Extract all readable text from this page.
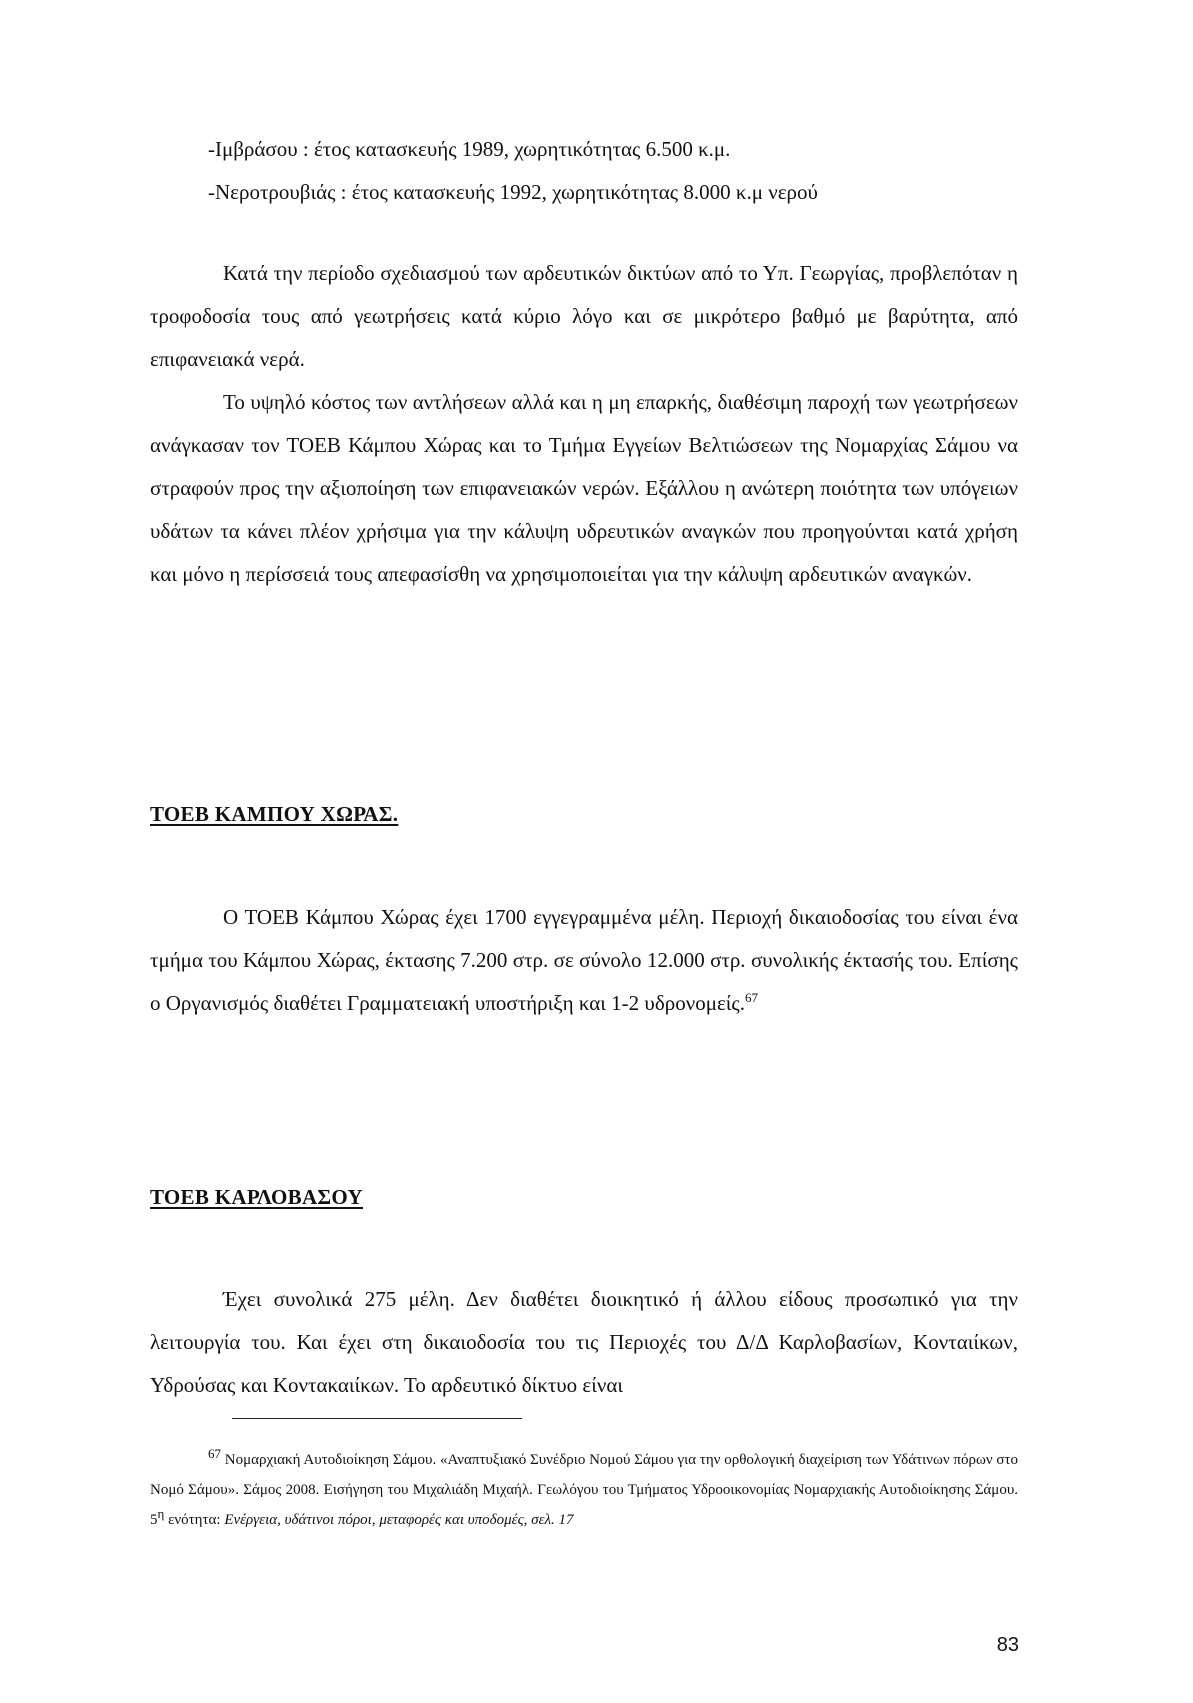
-Ιμβράσου : έτος κατασκευής 1989, χωρητικότητας 6.500 κ.μ.

-Νεροτρουβιάς : έτος κατασκευής 1992, χωρητικότητας 8.000 κ.μ νερού

Κατά την περίοδο σχεδιασμού των αρδευτικών δικτύων από το Υπ. Γεωργίας, προβλεπόταν η τροφοδοσία τους από γεωτρήσεις κατά κύριο λόγο και σε μικρότερο βαθμό με βαρύτητα, από επιφανειακά νερά.

Το υψηλό κόστος των αντλήσεων αλλά και η μη επαρκής, διαθέσιμη παροχή των γεωτρήσεων ανάγκασαν τον ΤΟΕΒ Κάμπου Χώρας και το Τμήμα Εγγείων Βελτιώσεων της Νομαρχίας Σάμου να στραφούν προς την αξιοποίηση των επιφανειακών νερών. Εξάλλου η ανώτερη ποιότητα των υπόγειων υδάτων τα κάνει πλέον χρήσιμα για την κάλυψη υδρευτικών αναγκών που προηγούνται κατά χρήση και μόνο η περίσσειά τους απεφασίσθη να χρησιμοποιείται για την κάλυψη αρδευτικών αναγκών.

ΤΟΕΒ ΚΑΜΠΟΥ ΧΩΡΑΣ.

Ο ΤΟΕΒ Κάμπου Χώρας έχει 1700 εγγεγραμμένα μέλη. Περιοχή δικαιοδοσίας του είναι ένα τμήμα του Κάμπου Χώρας, έκτασης 7.200 στρ. σε σύνολο 12.000 στρ. συνολικής έκτασής του. Επίσης ο Οργανισμός διαθέτει Γραμματειακή υποστήριξη και 1-2 υδρονομείς.$^{67}$

ΤΟΕΒ ΚΑΡΛΟΒΑΣΟΥ

Έχει συνολικά 275 μέλη. Δεν διαθέτει διοικητικό ή άλλου είδους προσωπικό για την λειτουργία του. Και έχει στη δικαιοδοσία του τις Περιοχές του Δ/Δ Καρλοβασίων, Κονταιίκων, Υδρούσας και Κοντακαιίκων. Το αρδευτικό δίκτυο είναι

$^{67}$ Νομαρχιακή Αυτοδιοίκηση Σάμου. «Αναπτυξιακό Συνέδριο Νομού Σάμου για την ορθολογική διαχείριση των Υδάτινων πόρων στο Νομό Σάμου». Σάμος 2008. Εισήγηση του Μιχαλιάδη Μιχαήλ. Γεωλόγου του Τμήματος Υδροοικονομίας Νομαρχιακής Αυτοδιοίκησης Σάμου. $5^\eta$ ενότητα: Ενέργεια, υδάτινοι πόροι, μεταφορές και υποδομές, σελ. 17
83
